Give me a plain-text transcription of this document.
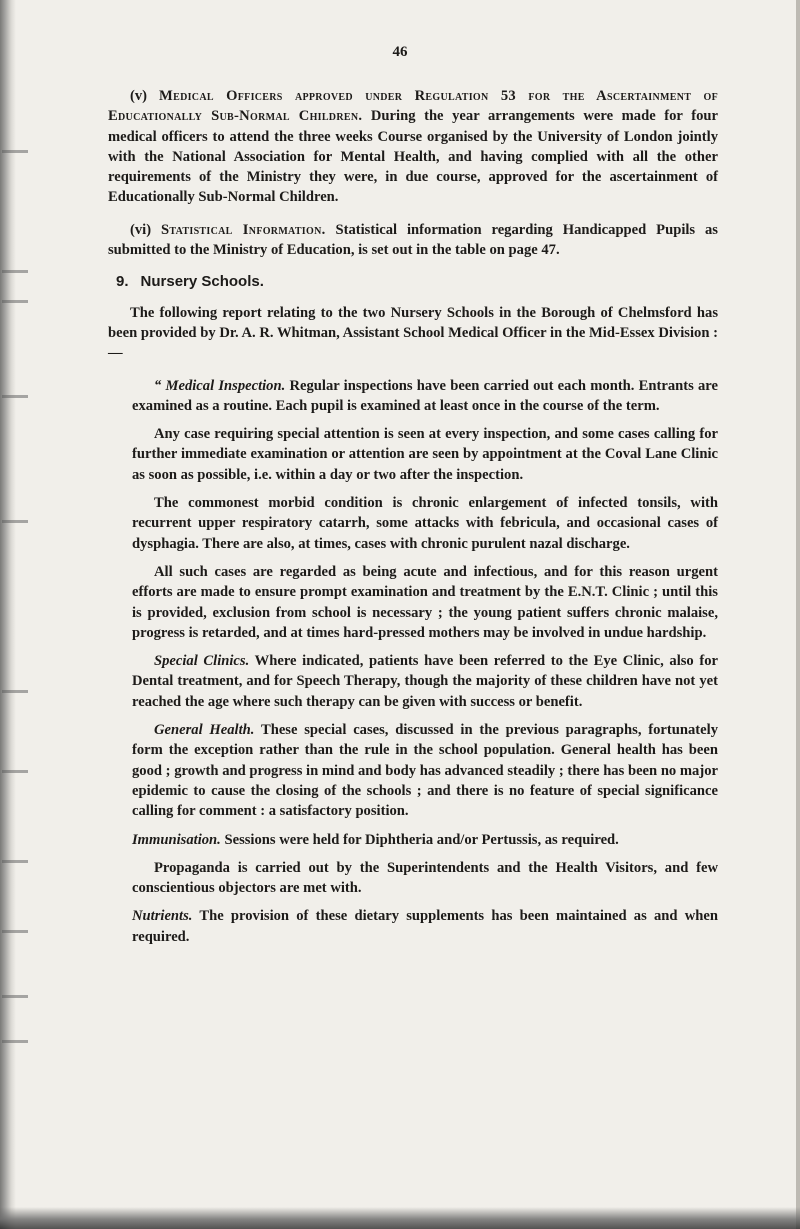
46

(v) Medical Officers approved under Regulation 53 for the Ascertainment of Educationally Sub-Normal Children. During the year arrangements were made for four medical officers to attend the three weeks Course organised by the University of London jointly with the National Association for Mental Health, and having complied with all the other requirements of the Ministry they were, in due course, approved for the ascertainment of Educationally Sub-Normal Children.

(vi) Statistical Information. Statistical information regarding Handicapped Pupils as submitted to the Ministry of Education, is set out in the table on page 47.

9. Nursery Schools.

The following report relating to the two Nursery Schools in the Borough of Chelmsford has been provided by Dr. A. R. Whitman, Assistant School Medical Officer in the Mid-Essex Division :—

“ Medical Inspection. Regular inspections have been carried out each month. Entrants are examined as a routine. Each pupil is examined at least once in the course of the term.

Any case requiring special attention is seen at every inspection, and some cases calling for further immediate examination or attention are seen by appointment at the Coval Lane Clinic as soon as possible, i.e. within a day or two after the inspection.

The commonest morbid condition is chronic enlargement of infected tonsils, with recurrent upper respiratory catarrh, some attacks with febricula, and occasional cases of dysphagia. There are also, at times, cases with chronic purulent nazal discharge.

All such cases are regarded as being acute and infectious, and for this reason urgent efforts are made to ensure prompt examination and treatment by the E.N.T. Clinic ; until this is provided, exclusion from school is necessary ; the young patient suffers chronic malaise, progress is retarded, and at times hard-pressed mothers may be involved in undue hardship.

Special Clinics. Where indicated, patients have been referred to the Eye Clinic, also for Dental treatment, and for Speech Therapy, though the majority of these children have not yet reached the age where such therapy can be given with success or benefit.

General Health. These special cases, discussed in the previous paragraphs, fortunately form the exception rather than the rule in the school population. General health has been good ; growth and progress in mind and body has advanced steadily ; there has been no major epidemic to cause the closing of the schools ; and there is no feature of special significance calling for comment : a satisfactory position.

Immunisation. Sessions were held for Diphtheria and/or Pertussis, as required.

Propaganda is carried out by the Superintendents and the Health Visitors, and few conscientious objectors are met with.

Nutrients. The provision of these dietary supplements has been maintained as and when required.
